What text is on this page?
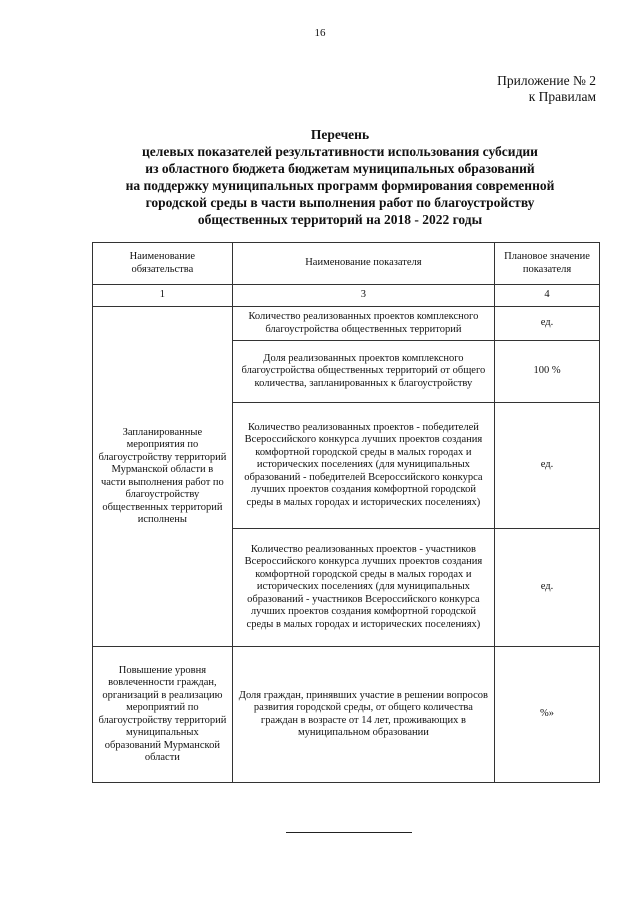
16
Приложение № 2
к Правилам
Перечень
целевых показателей результативности использования субсидии
из областного бюджета бюджетам муниципальных образований
на поддержку муниципальных программ формирования современной
городской среды в части выполнения работ по благоустройству
общественных территорий на 2018 - 2022 годы
Наименование обязательства	Наименование показателя	Плановое значение показателя
1	3	4
Запланированные мероприятия по благоустройству территорий Мурманской области в части выполнения работ по благоустройству общественных территорий исполнены	Количество реализованных проектов комплексного благоустройства общественных территорий	ед.
	Доля реализованных проектов комплексного благоустройства общественных территорий от общего количества, запланированных к благоустройству	100 %
	Количество реализованных проектов - победителей Всероссийского конкурса лучших проектов создания комфортной городской среды в малых городах и исторических поселениях (для муниципальных образований - победителей Всероссийского конкурса лучших проектов создания комфортной городской среды в малых городах и исторических поселениях)	ед.
	Количество реализованных проектов - участников Всероссийского конкурса лучших проектов создания комфортной городской среды в малых городах и исторических поселениях (для муниципальных образований - участников Всероссийского конкурса лучших проектов создания комфортной городской среды в малых городах и исторических поселениях)	ед.
Повышение уровня вовлеченности граждан, организаций в реализацию мероприятий по благоустройству территорий муниципальных образований Мурманской области	Доля граждан, принявших участие в решении вопросов развития городской среды, от общего количества граждан в возрасте от 14 лет, проживающих в муниципальном образовании	%»
